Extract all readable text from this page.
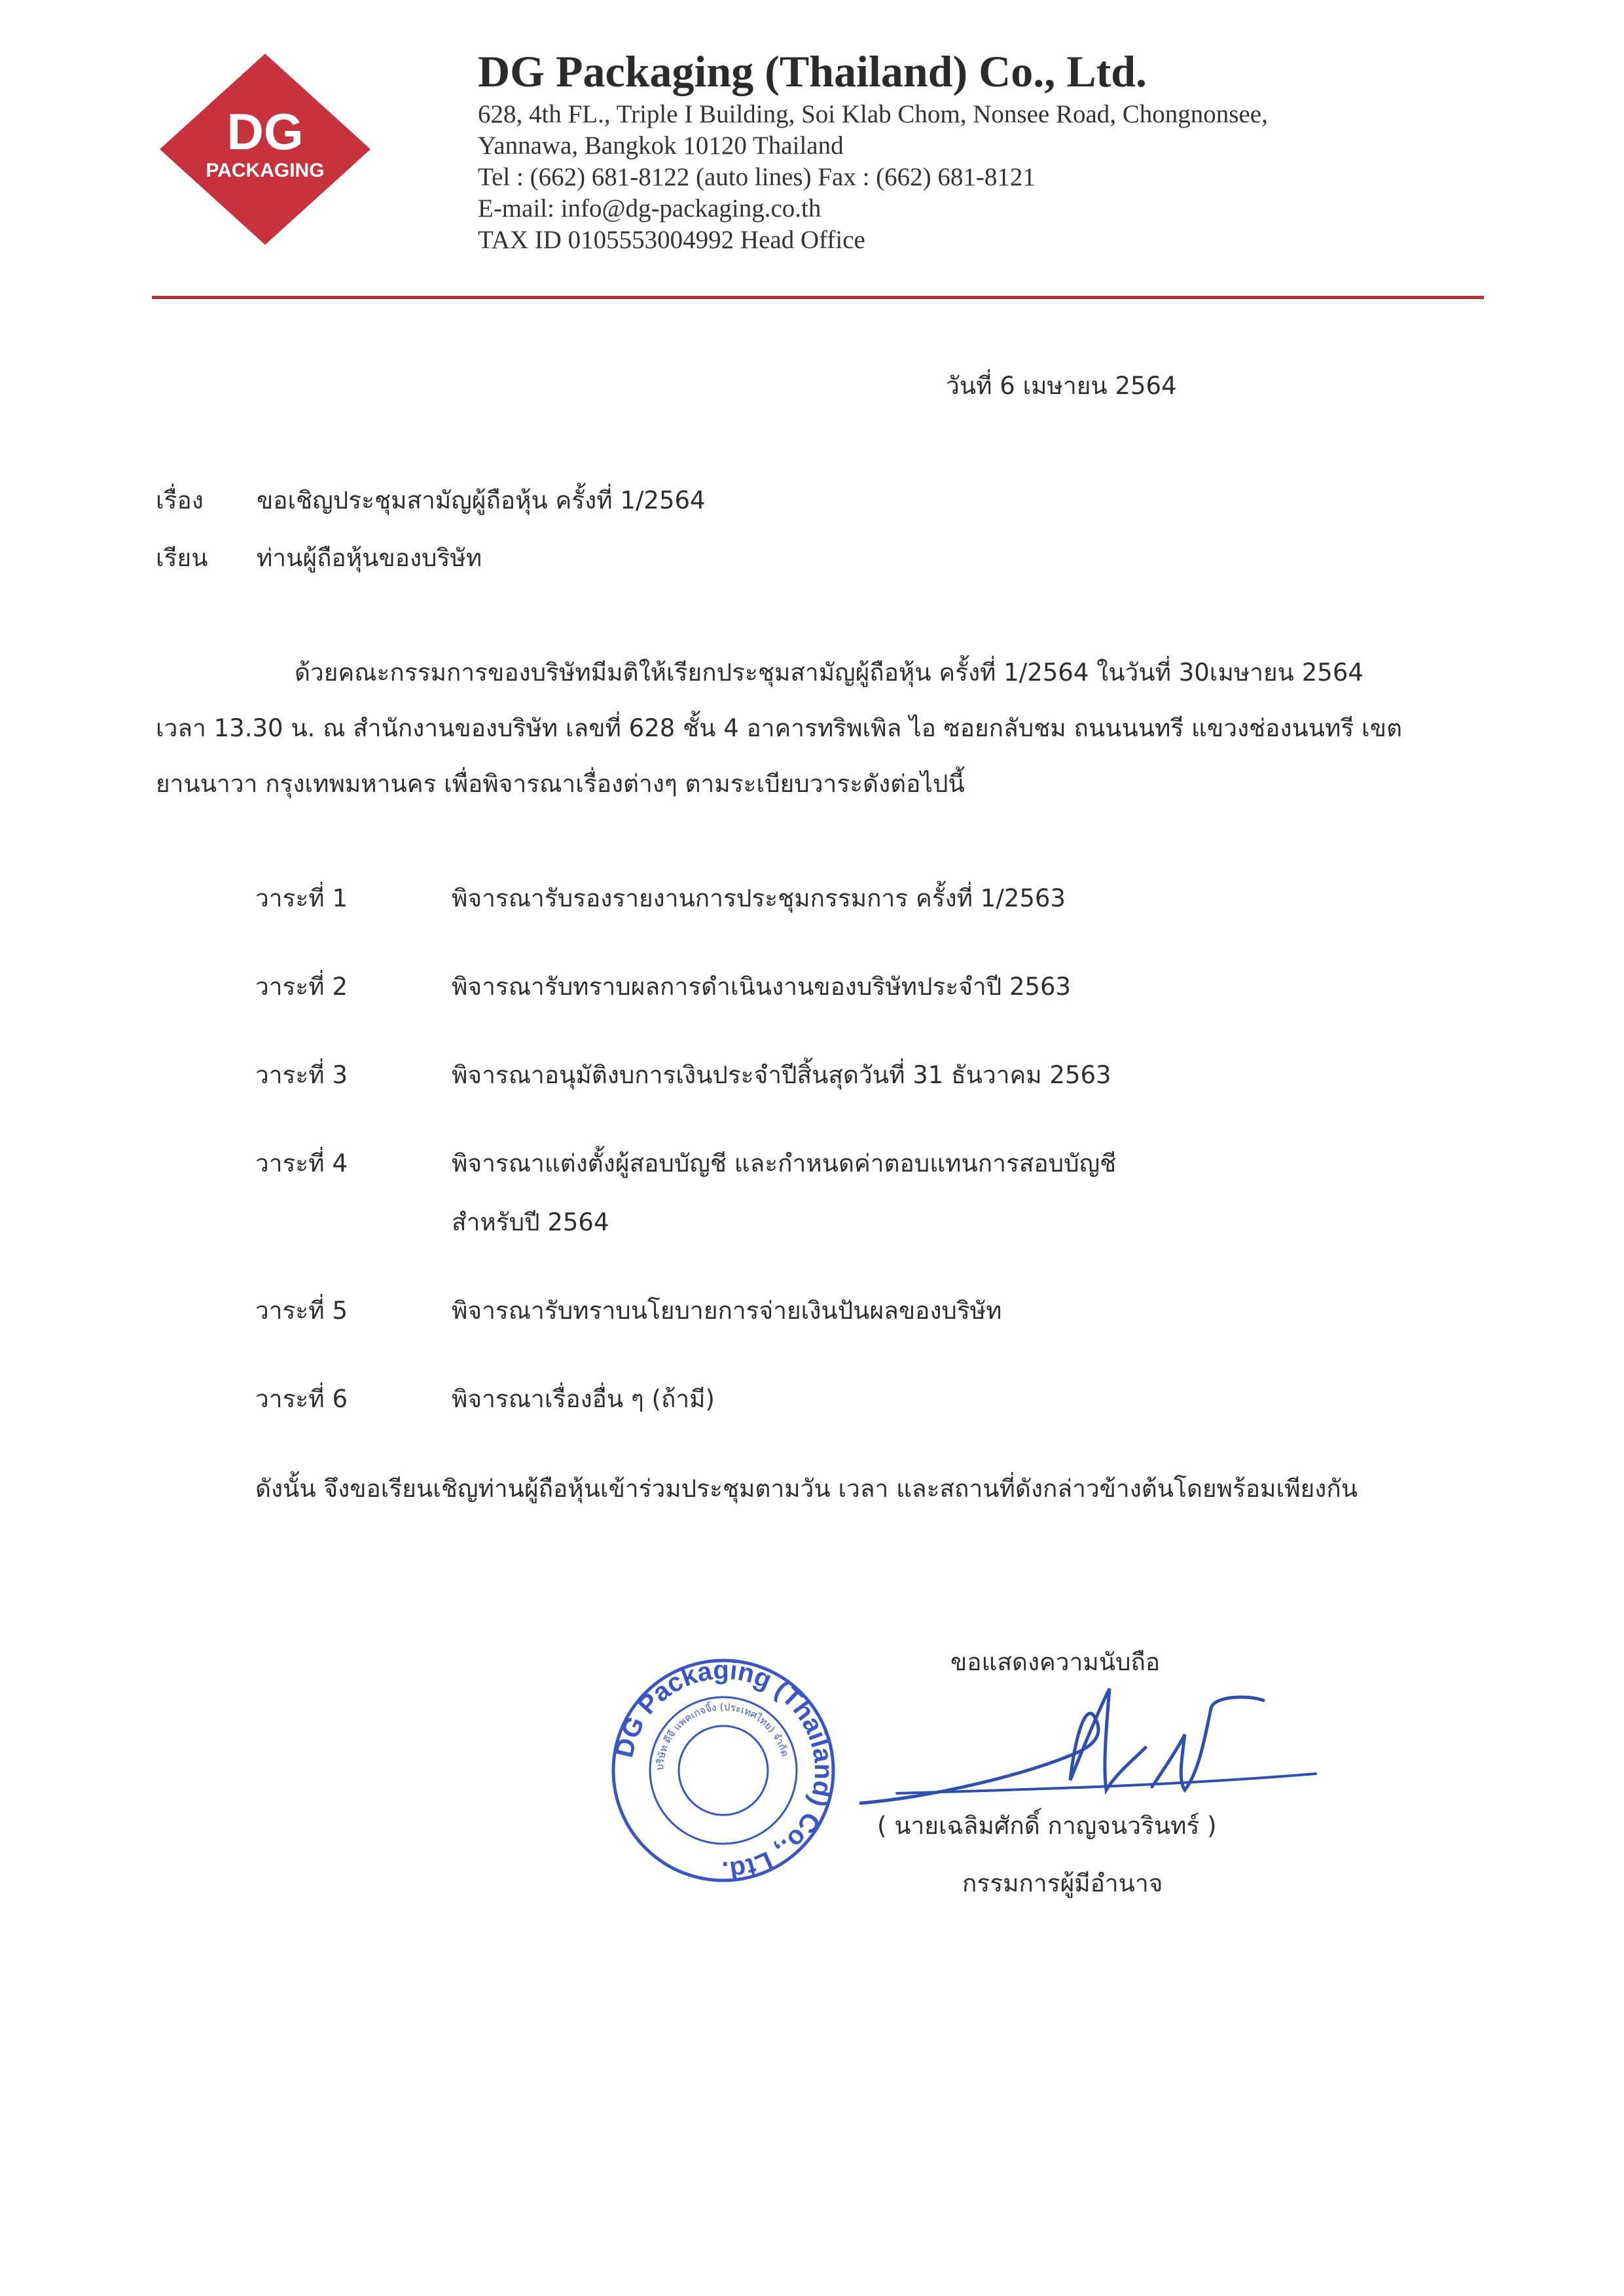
DG
PACKAGING
DG Packaging (Thailand) Co., Ltd.
628, 4th FL., Triple I Building, Soi Klab Chom, Nonsee Road, Chongnonsee,
Yannawa, Bangkok 10120 Thailand
Tel : (662) 681-8122 (auto lines) Fax : (662) 681-8121
E-mail: info@dg-packaging.co.th
TAX ID 0105553004992 Head Office
วันที่ 6 เมษายน 2564
เรื่อง ขอเชิญประชุมสามัญผู้ถือหุ้น ครั้งที่ 1/2564
เรียน ท่านผู้ถือหุ้นของบริษัท
ด้วยคณะกรรมการของบริษัทมีมติให้เรียกประชุมสามัญผู้ถือหุ้น ครั้งที่ 1/2564 ในวันที่ 30เมษายน 2564
เวลา 13.30 น. ณ สำนักงานของบริษัท เลขที่ 628 ชั้น 4 อาคารทริพเพิล ไอ ซอยกลับชม ถนนนนทรี แขวงช่องนนทรี เขต
ยานนาวา กรุงเทพมหานคร เพื่อพิจารณาเรื่องต่างๆ ตามระเบียบวาระดังต่อไปนี้
วาระที่ 1	พิจารณารับรองรายงานการประชุมกรรมการ ครั้งที่ 1/2563
วาระที่ 2	พิจารณารับทราบผลการดำเนินงานของบริษัทประจำปี 2563
วาระที่ 3	พิจารณาอนุมัติงบการเงินประจำปีสิ้นสุดวันที่ 31 ธันวาคม 2563
วาระที่ 4	พิจารณาแต่งตั้งผู้สอบบัญชี และกำหนดค่าตอบแทนการสอบบัญชี
สำหรับปี 2564
วาระที่ 5	พิจารณารับทราบนโยบายการจ่ายเงินปันผลของบริษัท
วาระที่ 6	พิจารณาเรื่องอื่น ๆ (ถ้ามี)
ดังนั้น จึงขอเรียนเชิญท่านผู้ถือหุ้นเข้าร่วมประชุมตามวัน เวลา และสถานที่ดังกล่าวข้างต้นโดยพร้อมเพียงกัน
ขอแสดงความนับถือ
DG Packaging (Thailand) Co., Ltd.
บริษัท ดีจี แพคเกจจิ้ง (ประเทศไทย) จำกัด
( นายเฉลิมศักดิ์ กาญจนวรินทร์ )
กรรมการผู้มีอำนาจ
